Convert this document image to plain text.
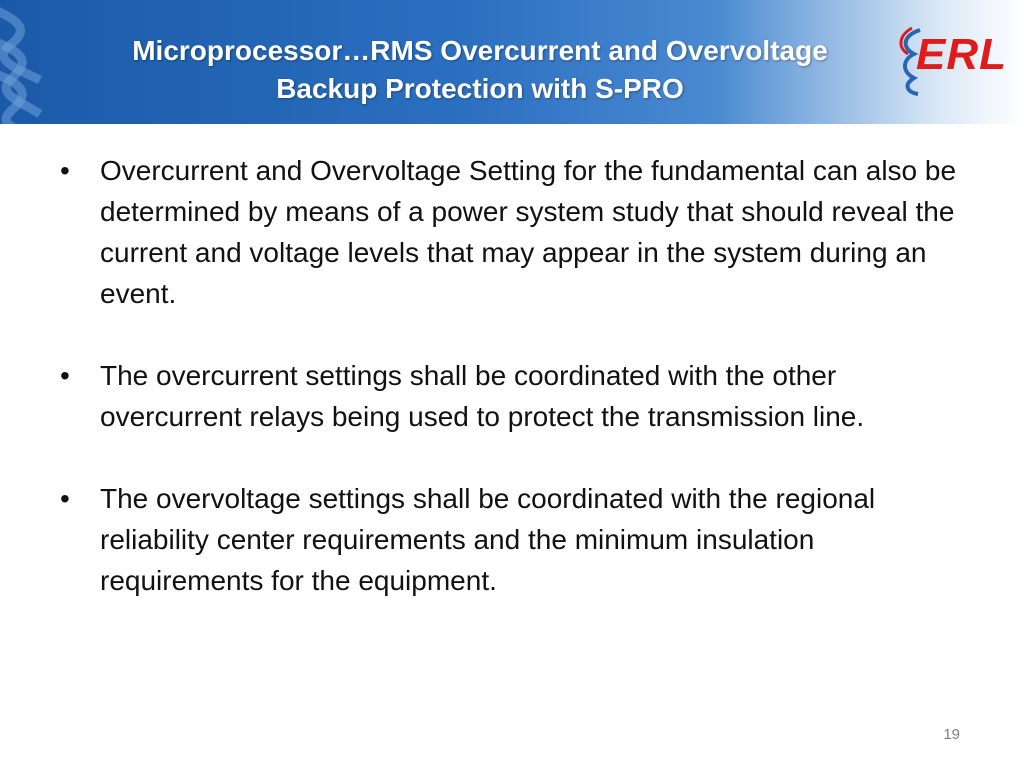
Microprocessor…RMS Overcurrent and Overvoltage
Backup Protection with S-PRO
ERL
• Overcurrent and Overvoltage Setting for the fundamental can also be determined by means of a power system study that should reveal the current and voltage levels that may appear in the system during an event.
• The overcurrent settings shall be coordinated with the other overcurrent relays being used to protect the transmission line.
• The overvoltage settings shall be coordinated with the regional reliability center requirements and the minimum insulation requirements for the equipment.
19
